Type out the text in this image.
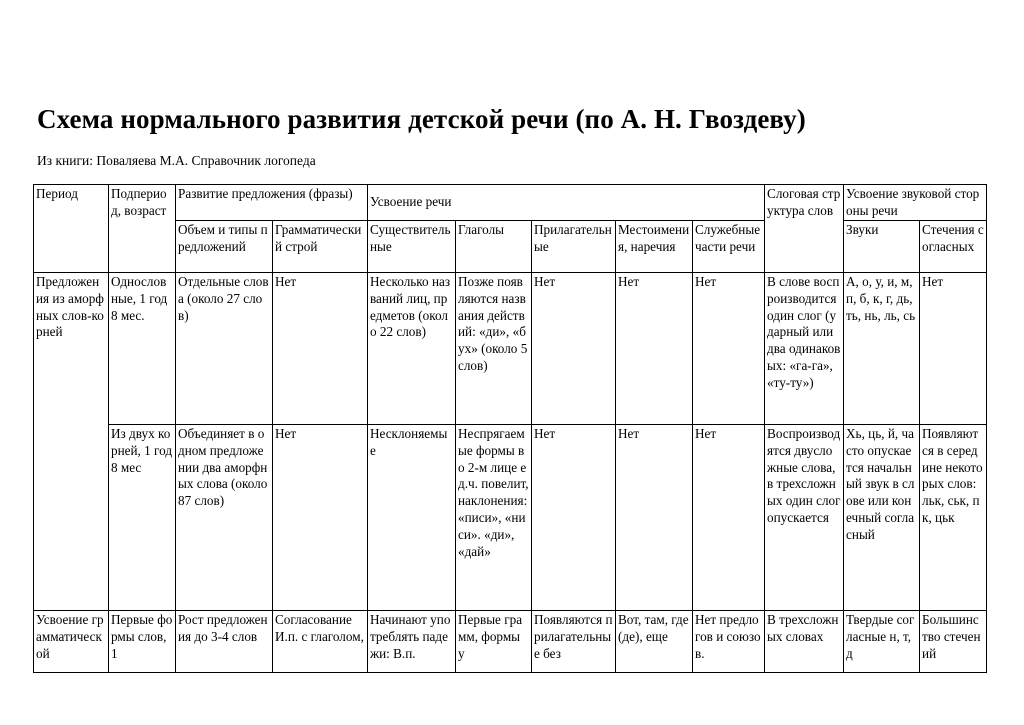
Схема нормального развития детской речи (по А. Н. Гвоздеву)
Из книги: Поваляева М.А. Справочник логопеда
Период	Подпериод, возраст	Развитие предложения (фразы)		Усвоение речи					Слоговая структура слов	Усвоение звуковой стороны речи	

		Объем и типы предложений	Грамматический строй	Существительные	Глаголы	Прилагательные	Местоимения, наречия	Служебные части речи		Звуки	Стечения согласных

Предложения из аморфных слов-корней	Однословные, 1 год 8 мес.	Отдельные слова (около 27 слов)	Нет	Несколько названий лиц, предметов (около 22 слов)	Позже появляются названия действий: «ди», «бух» (около 5 слов)	Нет	Нет	Нет	В слове воспроизводится один слог (ударный или два одинаковых: «га-га», «ту-ту»)	А, о, у, и, м, п, б, к, г, дь, ть, нь, ль, сь	Нет

	Из двух корней, 1 год 8 мес	Объединяет в одном предложении два аморфных слова (около 87 слов)	Нет	Несклоняемые	Неспрягаемые формы во 2-м лице ед.ч. повелит, наклонения: «писи», «ниси». «ди», «дай»	Нет	Нет	Нет	Воспроизводятся двусложные слова, в трехсложных один слог опускается	Хь, ць, й, часто опускается начальный звук в слове или конечный согласный	Появляются в середине некоторых слов: льк, ськ, пк, цьк

Усвоение грамматической	Первые формы слов, 1	Рост предложения до 3-4 слов	Согласование И.п. с глаголом,	Начинают употреблять падежи: В.п.	Первые грамм, формы у	Появляются прилагательные без	Вот, там, где (де), еще	Нет предлогов и союзов.	В трехсложных словах	Твердые согласные н, т, д	Большинство стечений
